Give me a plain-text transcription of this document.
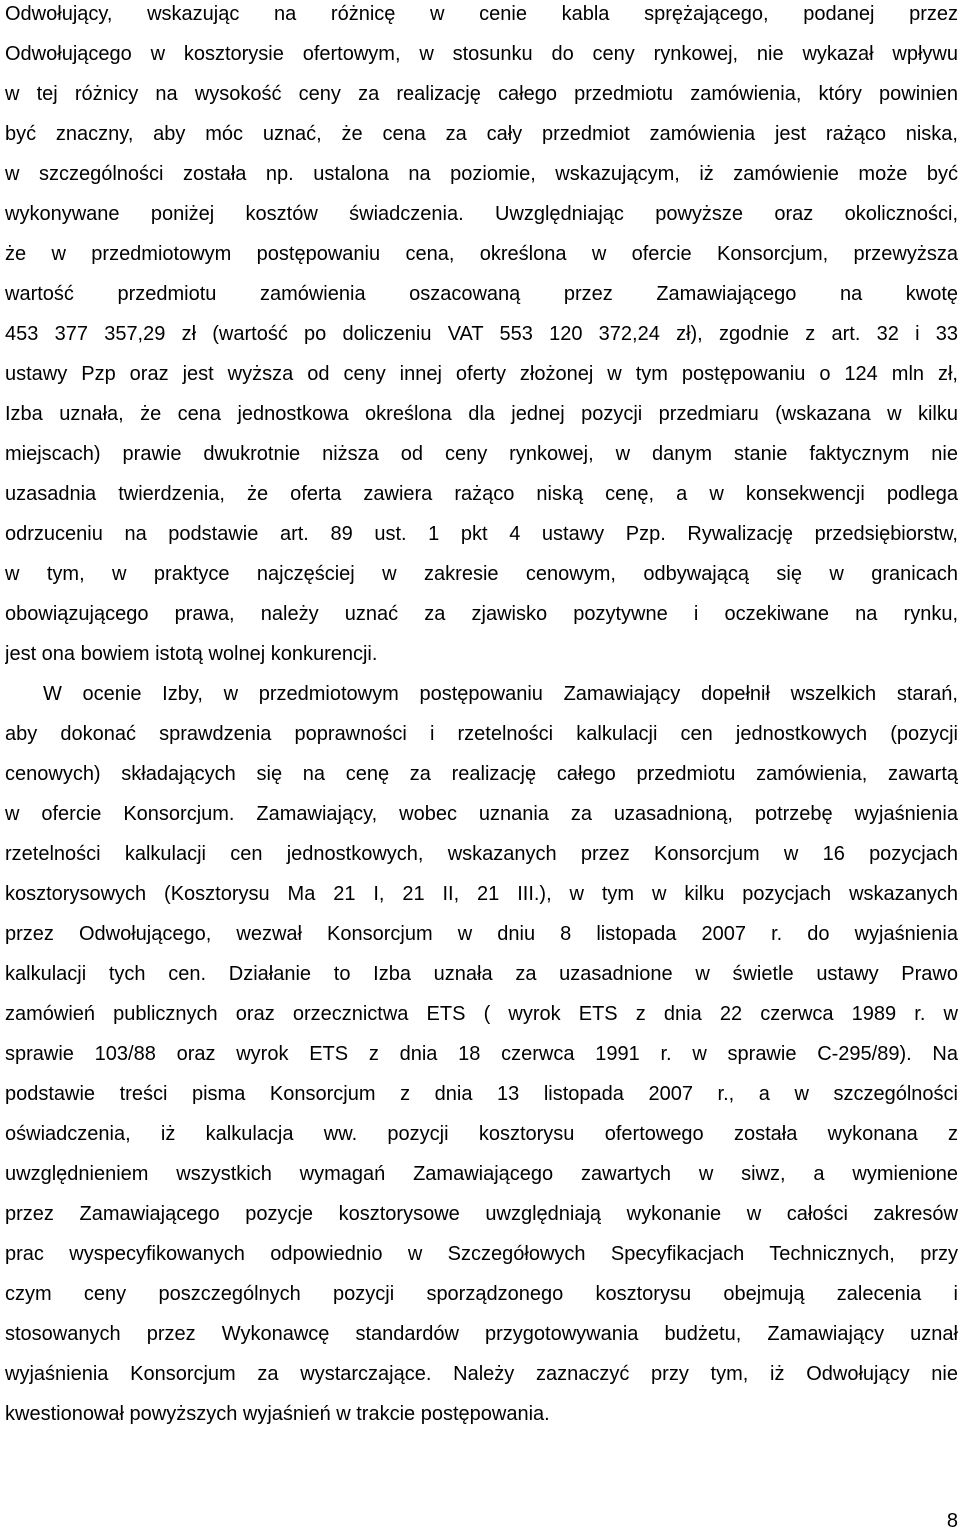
Odwołujący, wskazując na różnicę w cenie kabla sprężającego, podanej przez
Odwołującego w kosztorysie ofertowym, w stosunku do ceny rynkowej, nie wykazał wpływu
w tej różnicy na wysokość ceny za realizację całego przedmiotu zamówienia, który powinien
być znaczny, aby móc uznać, że cena za cały przedmiot zamówienia jest rażąco niska,
w szczególności została np. ustalona na poziomie, wskazującym, iż zamówienie może być
wykonywane poniżej kosztów świadczenia. Uwzględniając powyższe oraz okoliczności,
że w przedmiotowym postępowaniu cena, określona w ofercie Konsorcjum, przewyższa
wartość przedmiotu zamówienia oszacowaną przez Zamawiającego na kwotę
453 377 357,29 zł (wartość po doliczeniu VAT 553 120 372,24 zł), zgodnie z art. 32 i 33
ustawy Pzp oraz jest wyższa od ceny innej oferty złożonej w tym postępowaniu o 124 mln zł,
Izba uznała, że cena jednostkowa określona dla jednej pozycji przedmiaru (wskazana w kilku
miejscach) prawie dwukrotnie niższa od ceny rynkowej, w danym stanie faktycznym nie
uzasadnia twierdzenia, że oferta zawiera rażąco niską cenę, a w konsekwencji podlega
odrzuceniu na podstawie art. 89 ust. 1 pkt 4 ustawy Pzp. Rywalizację przedsiębiorstw,
w tym, w praktyce najczęściej w zakresie cenowym, odbywającą się w granicach
obowiązującego prawa, należy uznać za zjawisko pozytywne i oczekiwane na rynku,
jest ona bowiem istotą wolnej konkurencji.
W ocenie Izby, w przedmiotowym postępowaniu Zamawiający dopełnił wszelkich starań,
aby dokonać sprawdzenia poprawności i rzetelności kalkulacji cen jednostkowych (pozycji
cenowych) składających się na cenę za realizację całego przedmiotu zamówienia, zawartą
w ofercie Konsorcjum. Zamawiający, wobec uznania za uzasadnioną, potrzebę wyjaśnienia
rzetelności kalkulacji cen jednostkowych, wskazanych przez Konsorcjum w 16 pozycjach
kosztorysowych (Kosztorysu Ma 21 I, 21 II, 21 III.), w tym w kilku pozycjach wskazanych
przez Odwołującego, wezwał Konsorcjum w dniu 8 listopada 2007 r. do wyjaśnienia
kalkulacji tych cen. Działanie to Izba uznała za uzasadnione w świetle ustawy Prawo
zamówień publicznych oraz orzecznictwa ETS ( wyrok ETS z dnia 22 czerwca 1989 r. w
sprawie 103/88 oraz wyrok ETS z dnia 18 czerwca 1991 r. w sprawie C-295/89). Na
podstawie treści pisma Konsorcjum z dnia 13 listopada 2007 r., a w szczególności
oświadczenia, iż kalkulacja ww. pozycji kosztorysu ofertowego została wykonana z
uwzględnieniem wszystkich wymagań Zamawiającego zawartych w siwz, a wymienione
przez Zamawiającego pozycje kosztorysowe uwzględniają wykonanie w całości zakresów
prac wyspecyfikowanych odpowiednio w Szczegółowych Specyfikacjach Technicznych, przy
czym ceny poszczególnych pozycji sporządzonego kosztorysu obejmują zalecenia i
stosowanych przez Wykonawcę standardów przygotowywania budżetu, Zamawiający uznał
wyjaśnienia Konsorcjum za wystarczające. Należy zaznaczyć przy tym, iż Odwołujący nie
kwestionował powyższych wyjaśnień w trakcie postępowania.
8
